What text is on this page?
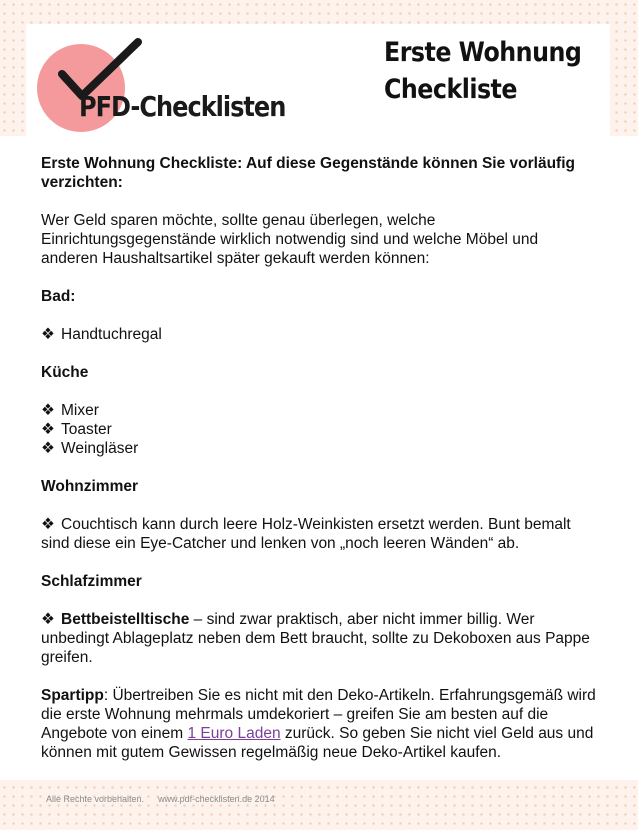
PFD-Checklisten
Erste Wohnung
Checkliste

Erste Wohnung Checkliste: Auf diese Gegenstände können Sie vorläufig verzichten:

Wer Geld sparen möchte, sollte genau überlegen, welche Einrichtungsgegenstände wirklich notwendig sind und welche Möbel und anderen Haushaltsartikel später gekauft werden können:

Bad:

❖ Handtuchregal

Küche

❖ Mixer

❖ Toaster

❖ Weingläser

Wohnzimmer

❖ Couchtisch kann durch leere Holz-Weinkisten ersetzt werden. Bunt bemalt sind diese ein Eye-Catcher und lenken von „noch leeren Wänden“ ab.

Schlafzimmer

❖ Bettbeistelltische – sind zwar praktisch, aber nicht immer billig. Wer unbedingt Ablageplatz neben dem Bett braucht, sollte zu Dekoboxen aus Pappe greifen.

Spartipp: Übertreiben Sie es nicht mit den Deko-Artikeln. Erfahrungsgemäß wird die erste Wohnung mehrmals umdekoriert – greifen Sie am besten auf die Angebote von einem 1 Euro Laden zurück. So geben Sie nicht viel Geld aus und können mit gutem Gewissen regelmäßig neue Deko-Artikel kaufen.

Alle Rechte vorbehalten. www.pdf-checklisten.de 2014
